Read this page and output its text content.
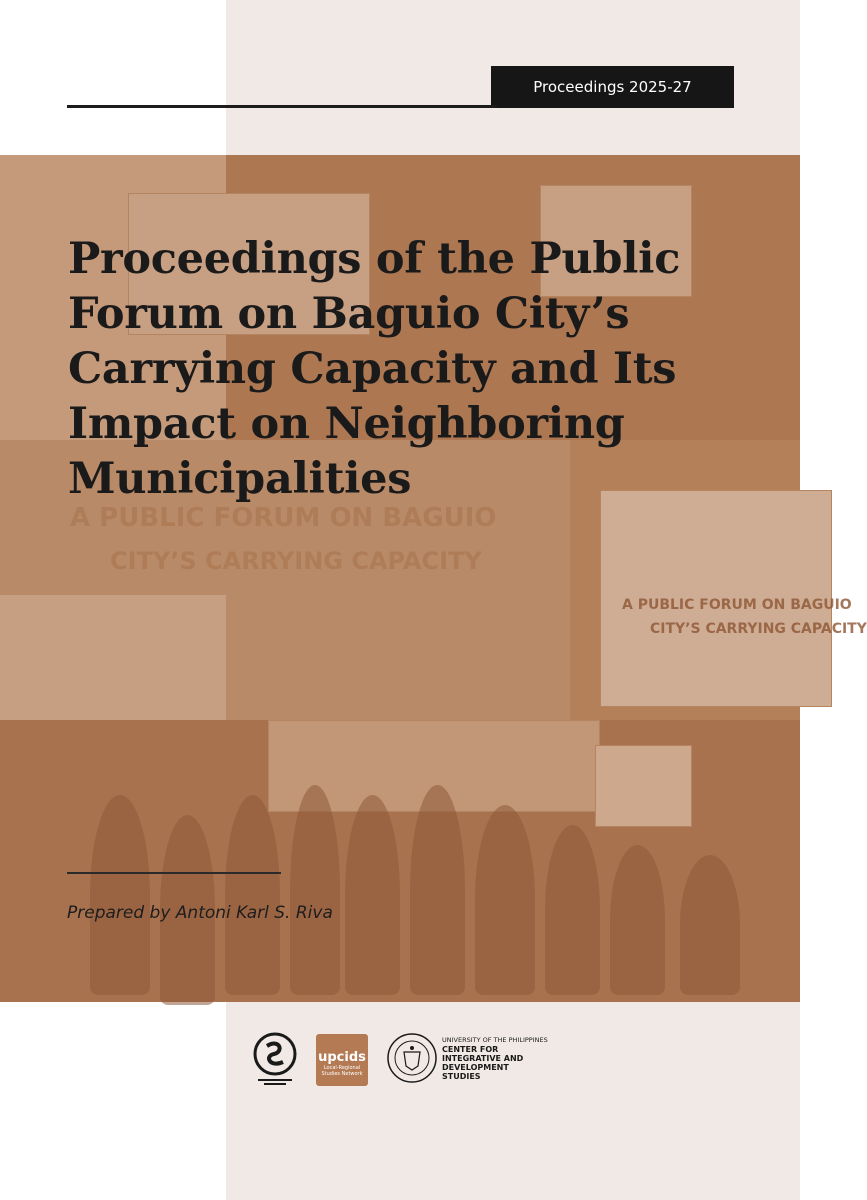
Proceedings 2025-27
A PUBLIC FORUM ON BAGUIO
CITY’S CARRYING CAPACITY
A PUBLIC FORUM ON BAGUIO
CITY’S CARRYING CAPACITY
Proceedings of the Public Forum on Baguio City’s Carrying Capacity and Its Impact on Neighboring Municipalities

Prepared by Antoni Karl S. Riva

upcids
Local-Regional Studies Network
UNIVERSITY OF THE PHILIPPINES
CENTER FOR
INTEGRATIVE AND
DEVELOPMENT
STUDIES
